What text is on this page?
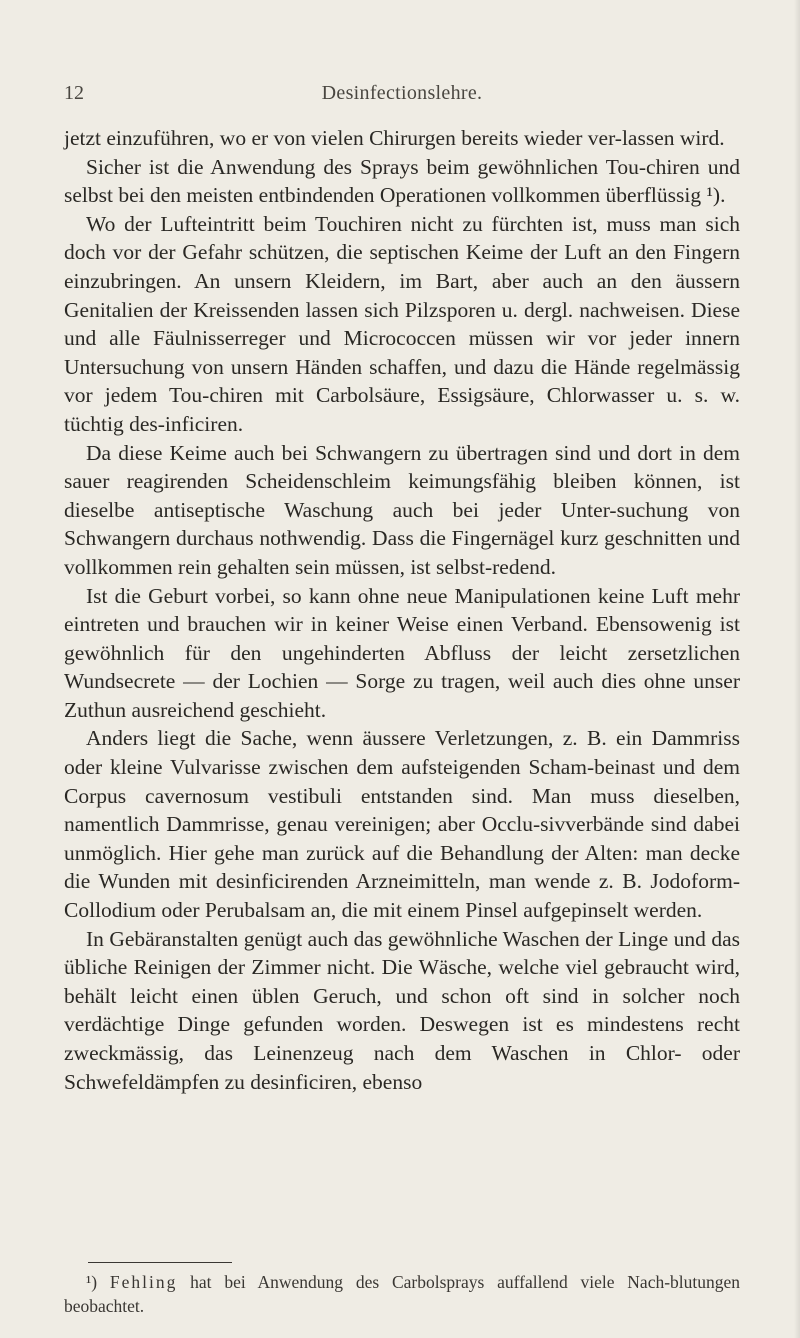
12	Desinfectionslehre.

jetzt einzuführen, wo er von vielen Chirurgen bereits wieder ver-lassen wird.

Sicher ist die Anwendung des Sprays beim gewöhnlichen Tou-chiren und selbst bei den meisten entbindenden Operationen vollkommen überflüssig ¹).

Wo der Lufteintritt beim Touchiren nicht zu fürchten ist, muss man sich doch vor der Gefahr schützen, die septischen Keime der Luft an den Fingern einzubringen. An unsern Kleidern, im Bart, aber auch an den äussern Genitalien der Kreissenden lassen sich Pilzsporen u. dergl. nachweisen. Diese und alle Fäulnisserreger und Micrococcen müssen wir vor jeder innern Untersuchung von unsern Händen schaffen, und dazu die Hände regelmässig vor jedem Tou-chiren mit Carbolsäure, Essigsäure, Chlorwasser u. s. w. tüchtig des-inficiren.

Da diese Keime auch bei Schwangern zu übertragen sind und dort in dem sauer reagirenden Scheidenschleim keimungsfähig bleiben können, ist dieselbe antiseptische Waschung auch bei jeder Unter-suchung von Schwangern durchaus nothwendig. Dass die Fingernägel kurz geschnitten und vollkommen rein gehalten sein müssen, ist selbst-redend.

Ist die Geburt vorbei, so kann ohne neue Manipulationen keine Luft mehr eintreten und brauchen wir in keiner Weise einen Verband. Ebensowenig ist gewöhnlich für den ungehinderten Abfluss der leicht zersetzlichen Wundsecrete — der Lochien — Sorge zu tragen, weil auch dies ohne unser Zuthun ausreichend geschieht.

Anders liegt die Sache, wenn äussere Verletzungen, z. B. ein Dammriss oder kleine Vulvarisse zwischen dem aufsteigenden Scham-beinast und dem Corpus cavernosum vestibuli entstanden sind. Man muss dieselben, namentlich Dammrisse, genau vereinigen; aber Occlu-sivverbände sind dabei unmöglich. Hier gehe man zurück auf die Behandlung der Alten: man decke die Wunden mit desinficirenden Arzneimitteln, man wende z. B. Jodoform-Collodium oder Perubalsam an, die mit einem Pinsel aufgepinselt werden.

In Gebäranstalten genügt auch das gewöhnliche Waschen der Linge und das übliche Reinigen der Zimmer nicht. Die Wäsche, welche viel gebraucht wird, behält leicht einen üblen Geruch, und schon oft sind in solcher noch verdächtige Dinge gefunden worden. Deswegen ist es mindestens recht zweckmässig, das Leinenzeug nach dem Waschen in Chlor- oder Schwefeldämpfen zu desinficiren, ebenso

¹) Fehling hat bei Anwendung des Carbolsprays auffallend viele Nach-blutungen beobachtet.
